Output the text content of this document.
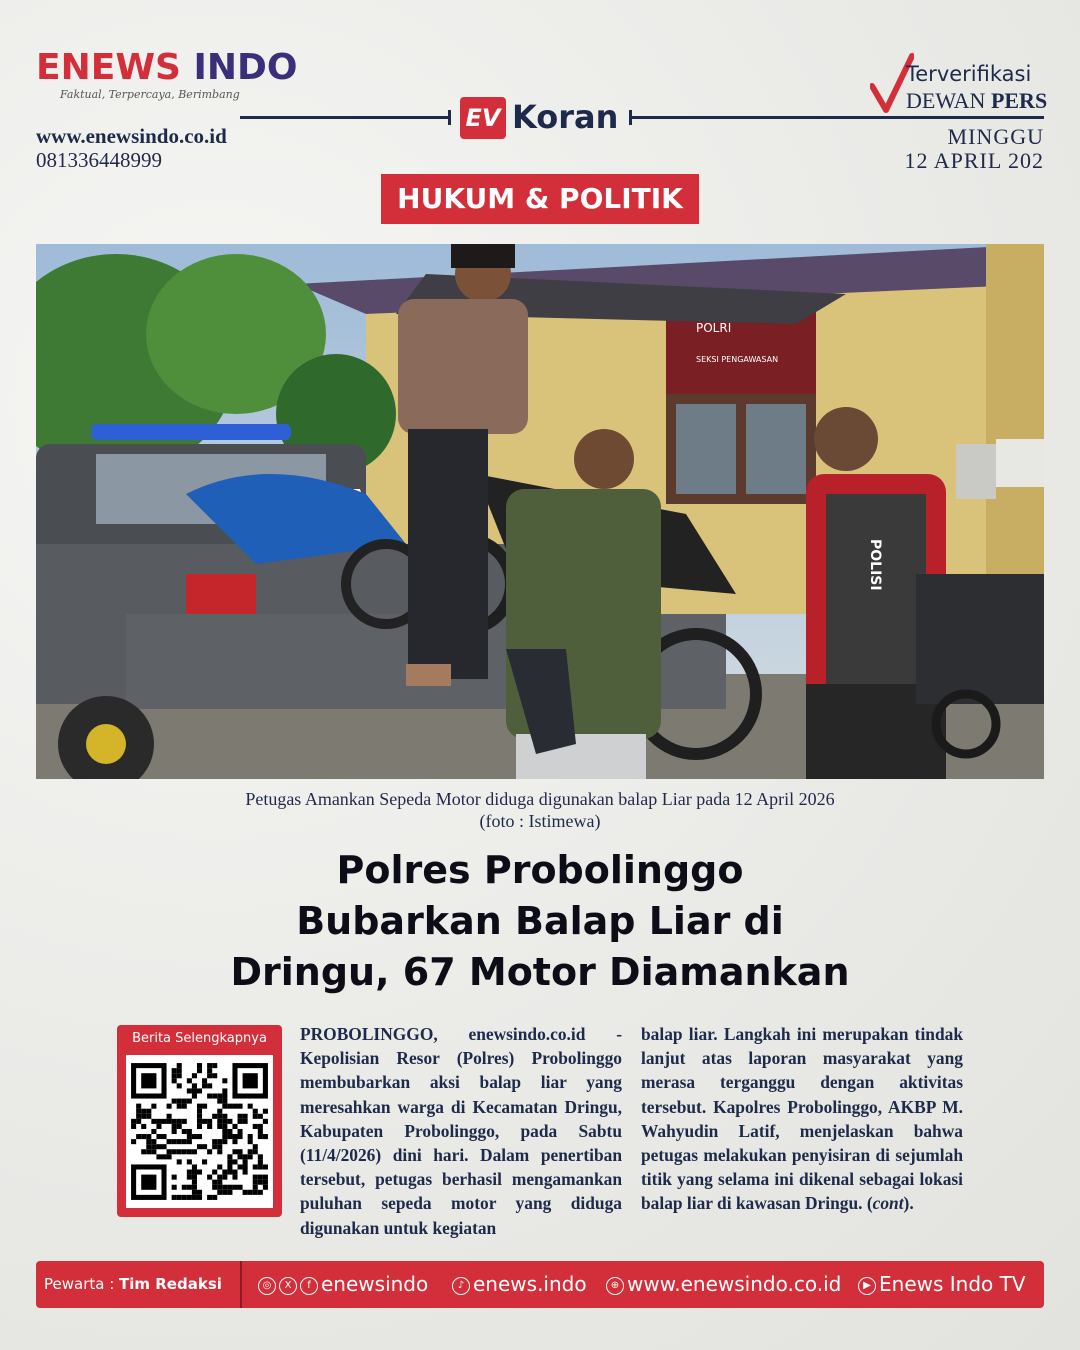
ENEWS INDO
Faktual, Terpercaya, Berimbang
www.enewsindo.co.id
081336448999
EV Koran
Terverifikasi
DEWAN PERS
MINGGU
12 APRIL 202
HUKUM & POLITIK
POLRI
SEKSI PENGAWASAN
POLISI
Petugas Amankan Sepeda Motor diduga digunakan balap Liar pada 12 April 2026
(foto : Istimewa)
Polres Probolinggo
Bubarkan Balap Liar di
Dringu, 67 Motor Diamankan
Berita Selengkapnya	PROBOLINGGO, enewsindo.co.id - Kepolisian Resor (Polres) Probolinggo membubarkan aksi balap liar yang meresahkan warga di Kecamatan Dringu, Kabupaten Probolinggo, pada Sabtu (11/4/2026) dini hari. Dalam penertiban tersebut, petugas berhasil mengamankan puluhan sepeda motor yang diduga digunakan untuk kegiatan
balap liar. Langkah ini merupakan tindak lanjut atas laporan masyarakat yang merasa terganggu dengan aktivitas tersebut. Kapolres Probolinggo, AKBP M. Wahyudin Latif, menjelaskan bahwa petugas melakukan penyisiran di sejumlah titik yang selama ini dikenal sebagai lokasi balap liar di kawasan Dringu. (cont).
Pewarta : Tim Redaksi	◎ X f enewsindo	♪ enews.indo	⊕ www.enewsindo.co.id	▶ Enews Indo TV
